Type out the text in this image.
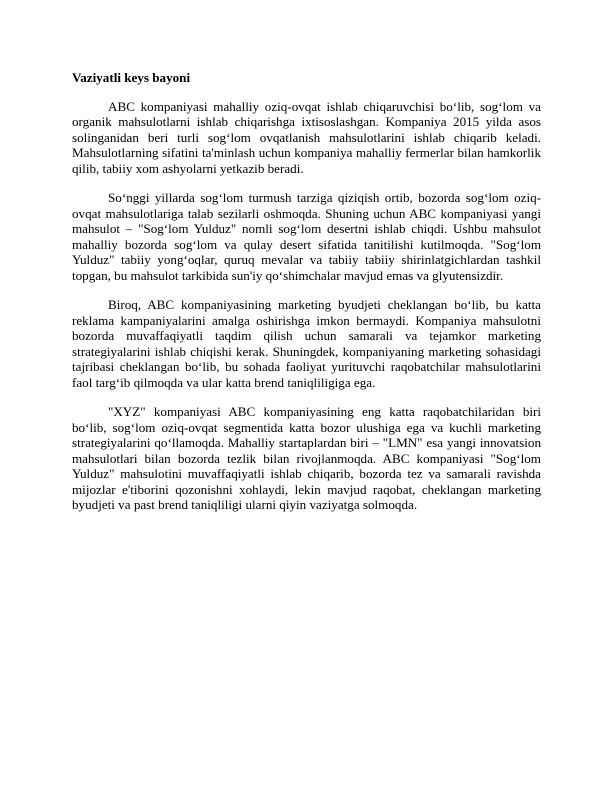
Vaziyatli keys bayoni

ABC kompaniyasi mahalliy oziq-ovqat ishlab chiqaruvchisi bo‘lib, sog‘lom va organik mahsulotlarni ishlab chiqarishga ixtisoslashgan. Kompaniya 2015 yilda asos solinganidan beri turli sog‘lom ovqatlanish mahsulotlarini ishlab chiqarib keladi. Mahsulotlarning sifatini ta'minlash uchun kompaniya mahalliy fermerlar bilan hamkorlik qilib, tabiiy xom ashyolarni yetkazib beradi.

So‘nggi yillarda sog‘lom turmush tarziga qiziqish ortib, bozorda sog‘lom oziq-ovqat mahsulotlariga talab sezilarli oshmoqda. Shuning uchun ABC kompaniyasi yangi mahsulot – "Sog‘lom Yulduz" nomli sog‘lom desertni ishlab chiqdi. Ushbu mahsulot mahalliy bozorda sog‘lom va qulay desert sifatida tanitilishi kutilmoqda. "Sog‘lom Yulduz" tabiiy yong‘oqlar, quruq mevalar va tabiiy tabiiy shirinlatgichlardan tashkil topgan, bu mahsulot tarkibida sun'iy qo‘shimchalar mavjud emas va glyutensizdir.

Biroq, ABC kompaniyasining marketing byudjeti cheklangan bo‘lib, bu katta reklama kampaniyalarini amalga oshirishga imkon bermaydi. Kompaniya mahsulotni bozorda muvaffaqiyatli taqdim qilish uchun samarali va tejamkor marketing strategiyalarini ishlab chiqishi kerak. Shuningdek, kompaniyaning marketing sohasidagi tajribasi cheklangan bo‘lib, bu sohada faoliyat yurituvchi raqobatchilar mahsulotlarini faol targ‘ib qilmoqda va ular katta brend taniqliligiga ega.

"XYZ" kompaniyasi ABC kompaniyasining eng katta raqobatchilaridan biri bo‘lib, sog‘lom oziq-ovqat segmentida katta bozor ulushiga ega va kuchli marketing strategiyalarini qo‘llamoqda. Mahalliy startaplardan biri – "LMN" esa yangi innovatsion mahsulotlari bilan bozorda tezlik bilan rivojlanmoqda. ABC kompaniyasi "Sog‘lom Yulduz" mahsulotini muvaffaqiyatli ishlab chiqarib, bozorda tez va samarali ravishda mijozlar e'tiborini qozonishni xohlaydi, lekin mavjud raqobat, cheklangan marketing byudjeti va past brend taniqliligi ularni qiyin vaziyatga solmoqda.
